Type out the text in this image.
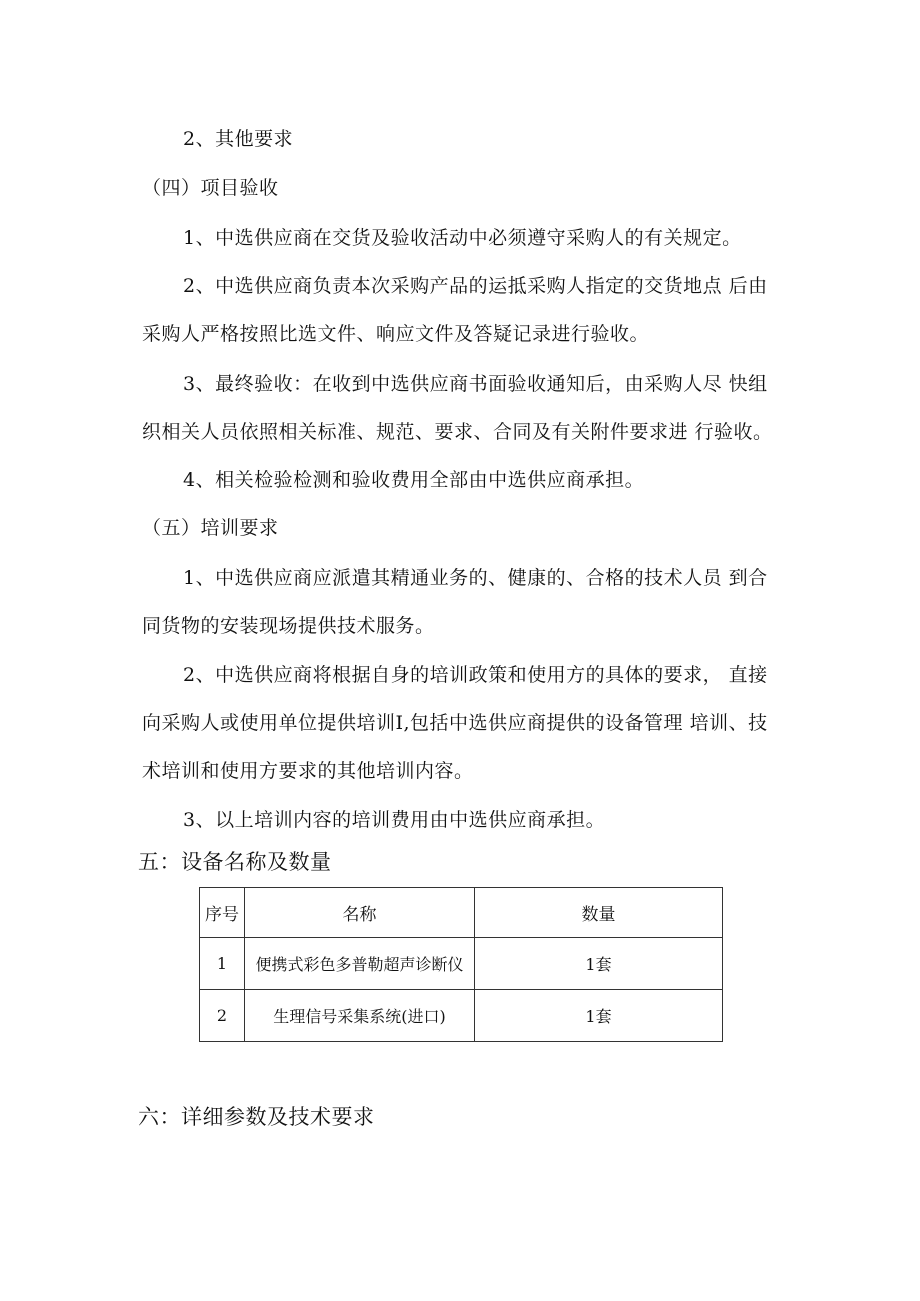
2、其他要求
（四）项目验收
1、中选供应商在交货及验收活动中必须遵守采购人的有关规定。
2、中选供应商负责本次采购产品的运抵采购人指定的交货地点 后由
采购人严格按照比选文件、响应文件及答疑记录进行验收。
3、最终验收：在收到中选供应商书面验收通知后，由采购人尽 快组
织相关人员依照相关标准、规范、要求、合同及有关附件要求进 行验收。
4、相关检验检测和验收费用全部由中选供应商承担。
（五）培训要求
1、中选供应商应派遣其精通业务的、健康的、合格的技术人员 到合
同货物的安装现场提供技术服务。
2、中选供应商将根据自身的培训政策和使用方的具体的要求， 直接
向采购人或使用单位提供培训I,包括中选供应商提供的设备管理 培训、技
术培训和使用方要求的其他培训内容。
3、以上培训内容的培训费用由中选供应商承担。
五：设备名称及数量
序号	名称	数量
1	便携式彩色多普勒超声诊断仪	1套
2	生理信号采集系统(进口)	1套
六：详细参数及技术要求
